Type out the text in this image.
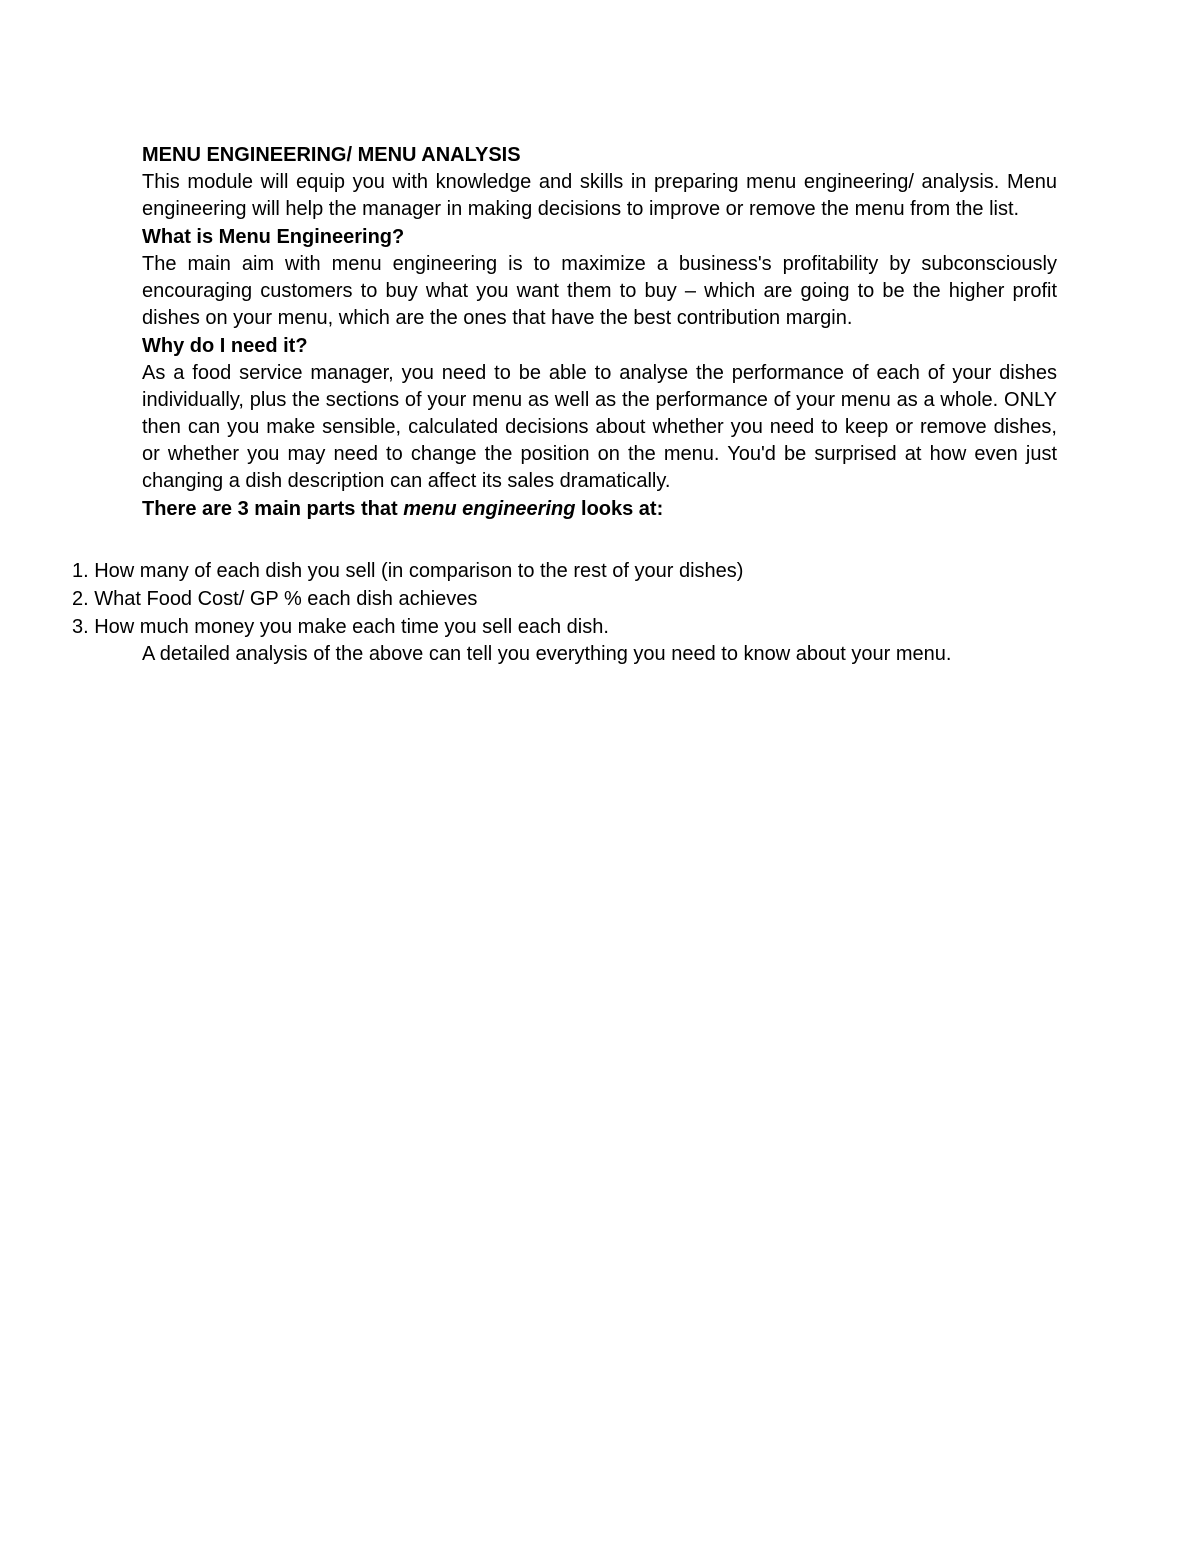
MENU ENGINEERING/ MENU ANALYSIS

This module will equip you with knowledge and skills in preparing menu engineering/ analysis. Menu engineering will help the manager in making decisions to improve or remove the menu from the list.

What is Menu Engineering?

The main aim with menu engineering is to maximize a business's profitability by subconsciously encouraging customers to buy what you want them to buy – which are going to be the higher profit dishes on your menu, which are the ones that have the best contribution margin.

Why do I need it?

As a food service manager, you need to be able to analyse the performance of each of your dishes individually, plus the sections of your menu as well as the performance of your menu as a whole. ONLY then can you make sensible, calculated decisions about whether you need to keep or remove dishes, or whether you may need to change the position on the menu. You'd be surprised at how even just changing a dish description can affect its sales dramatically.

There are 3 main parts that menu engineering looks at:
1. How many of each dish you sell (in comparison to the rest of your dishes)
2. What Food Cost/ GP % each dish achieves
3. How much money you make each time you sell each dish.

A detailed analysis of the above can tell you everything you need to know about your menu.
